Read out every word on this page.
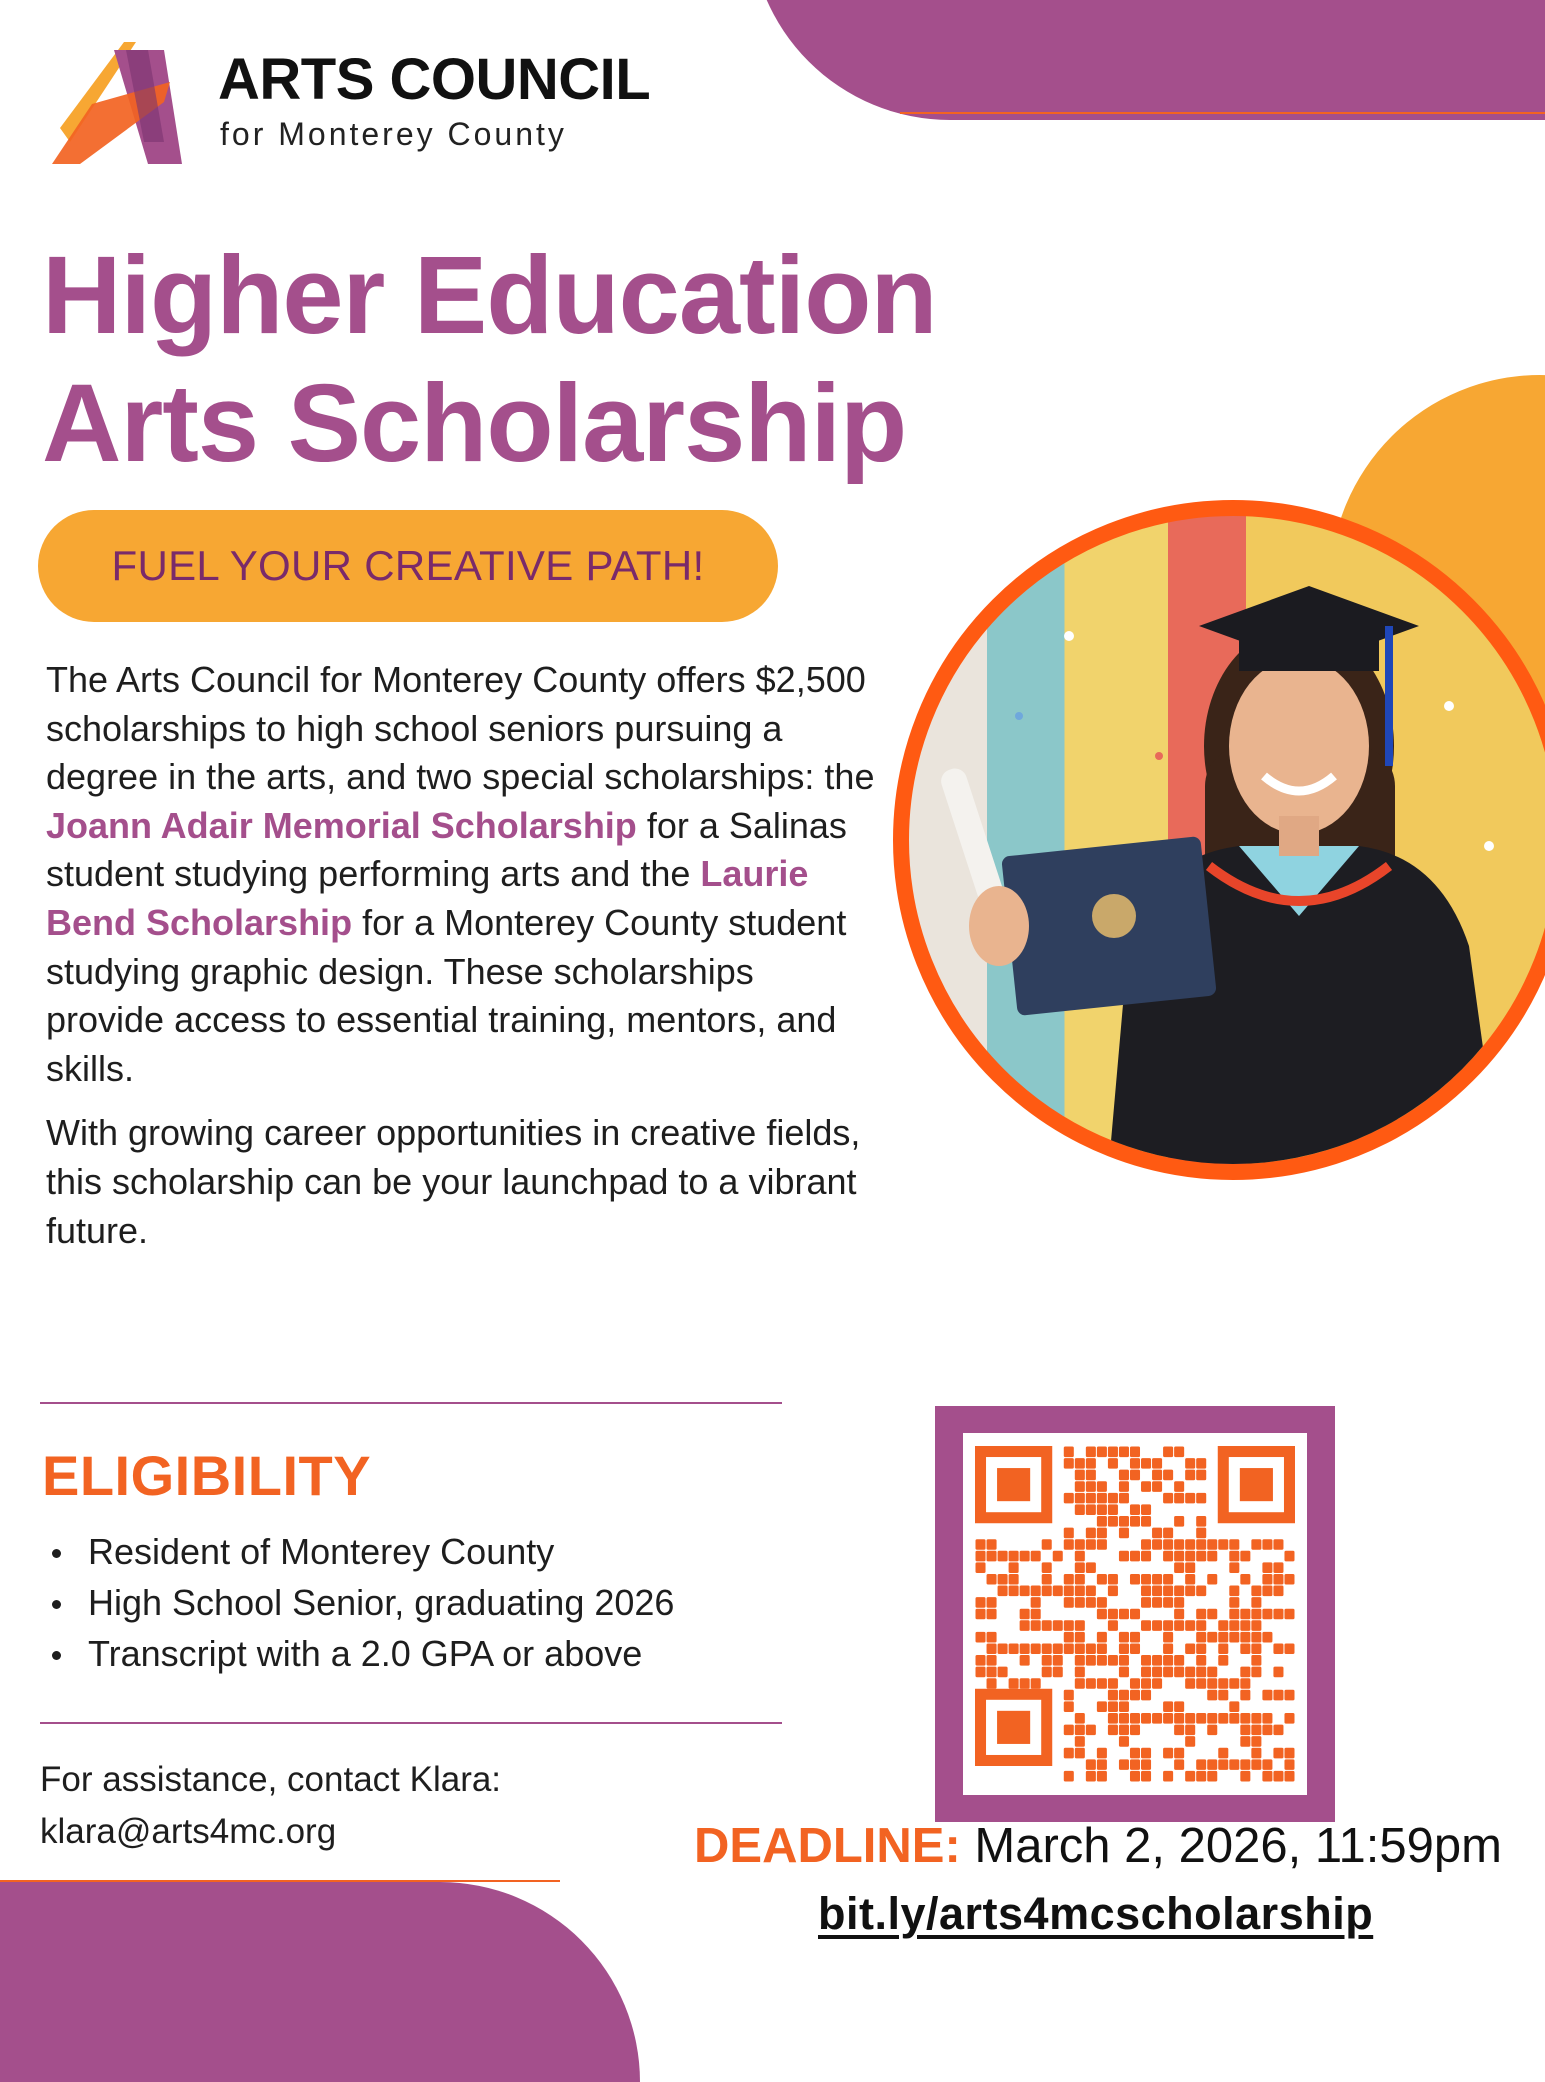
ARTS COUNCIL
for Monterey County
Higher Education
Arts Scholarship
FUEL YOUR CREATIVE PATH!

The Arts Council for Monterey County offers $2,500 scholarships to high school seniors pursuing a degree in the arts, and two special scholarships: the Joann Adair Memorial Scholarship for a Salinas student studying performing arts and the Laurie Bend Scholarship for a Monterey County student studying graphic design. These scholarships provide access to essential training, mentors, and skills.

With growing career opportunities in creative fields, this scholarship can be your launchpad to a vibrant future.

ELIGIBILITY
Resident of Monterey County
High School Senior, graduating 2026
Transcript with a 2.0 GPA or above
For assistance, contact Klara:
klara@arts4mc.org	DEADLINE: March 2, 2026, 11:59pm
bit.ly/arts4mcscholarship
